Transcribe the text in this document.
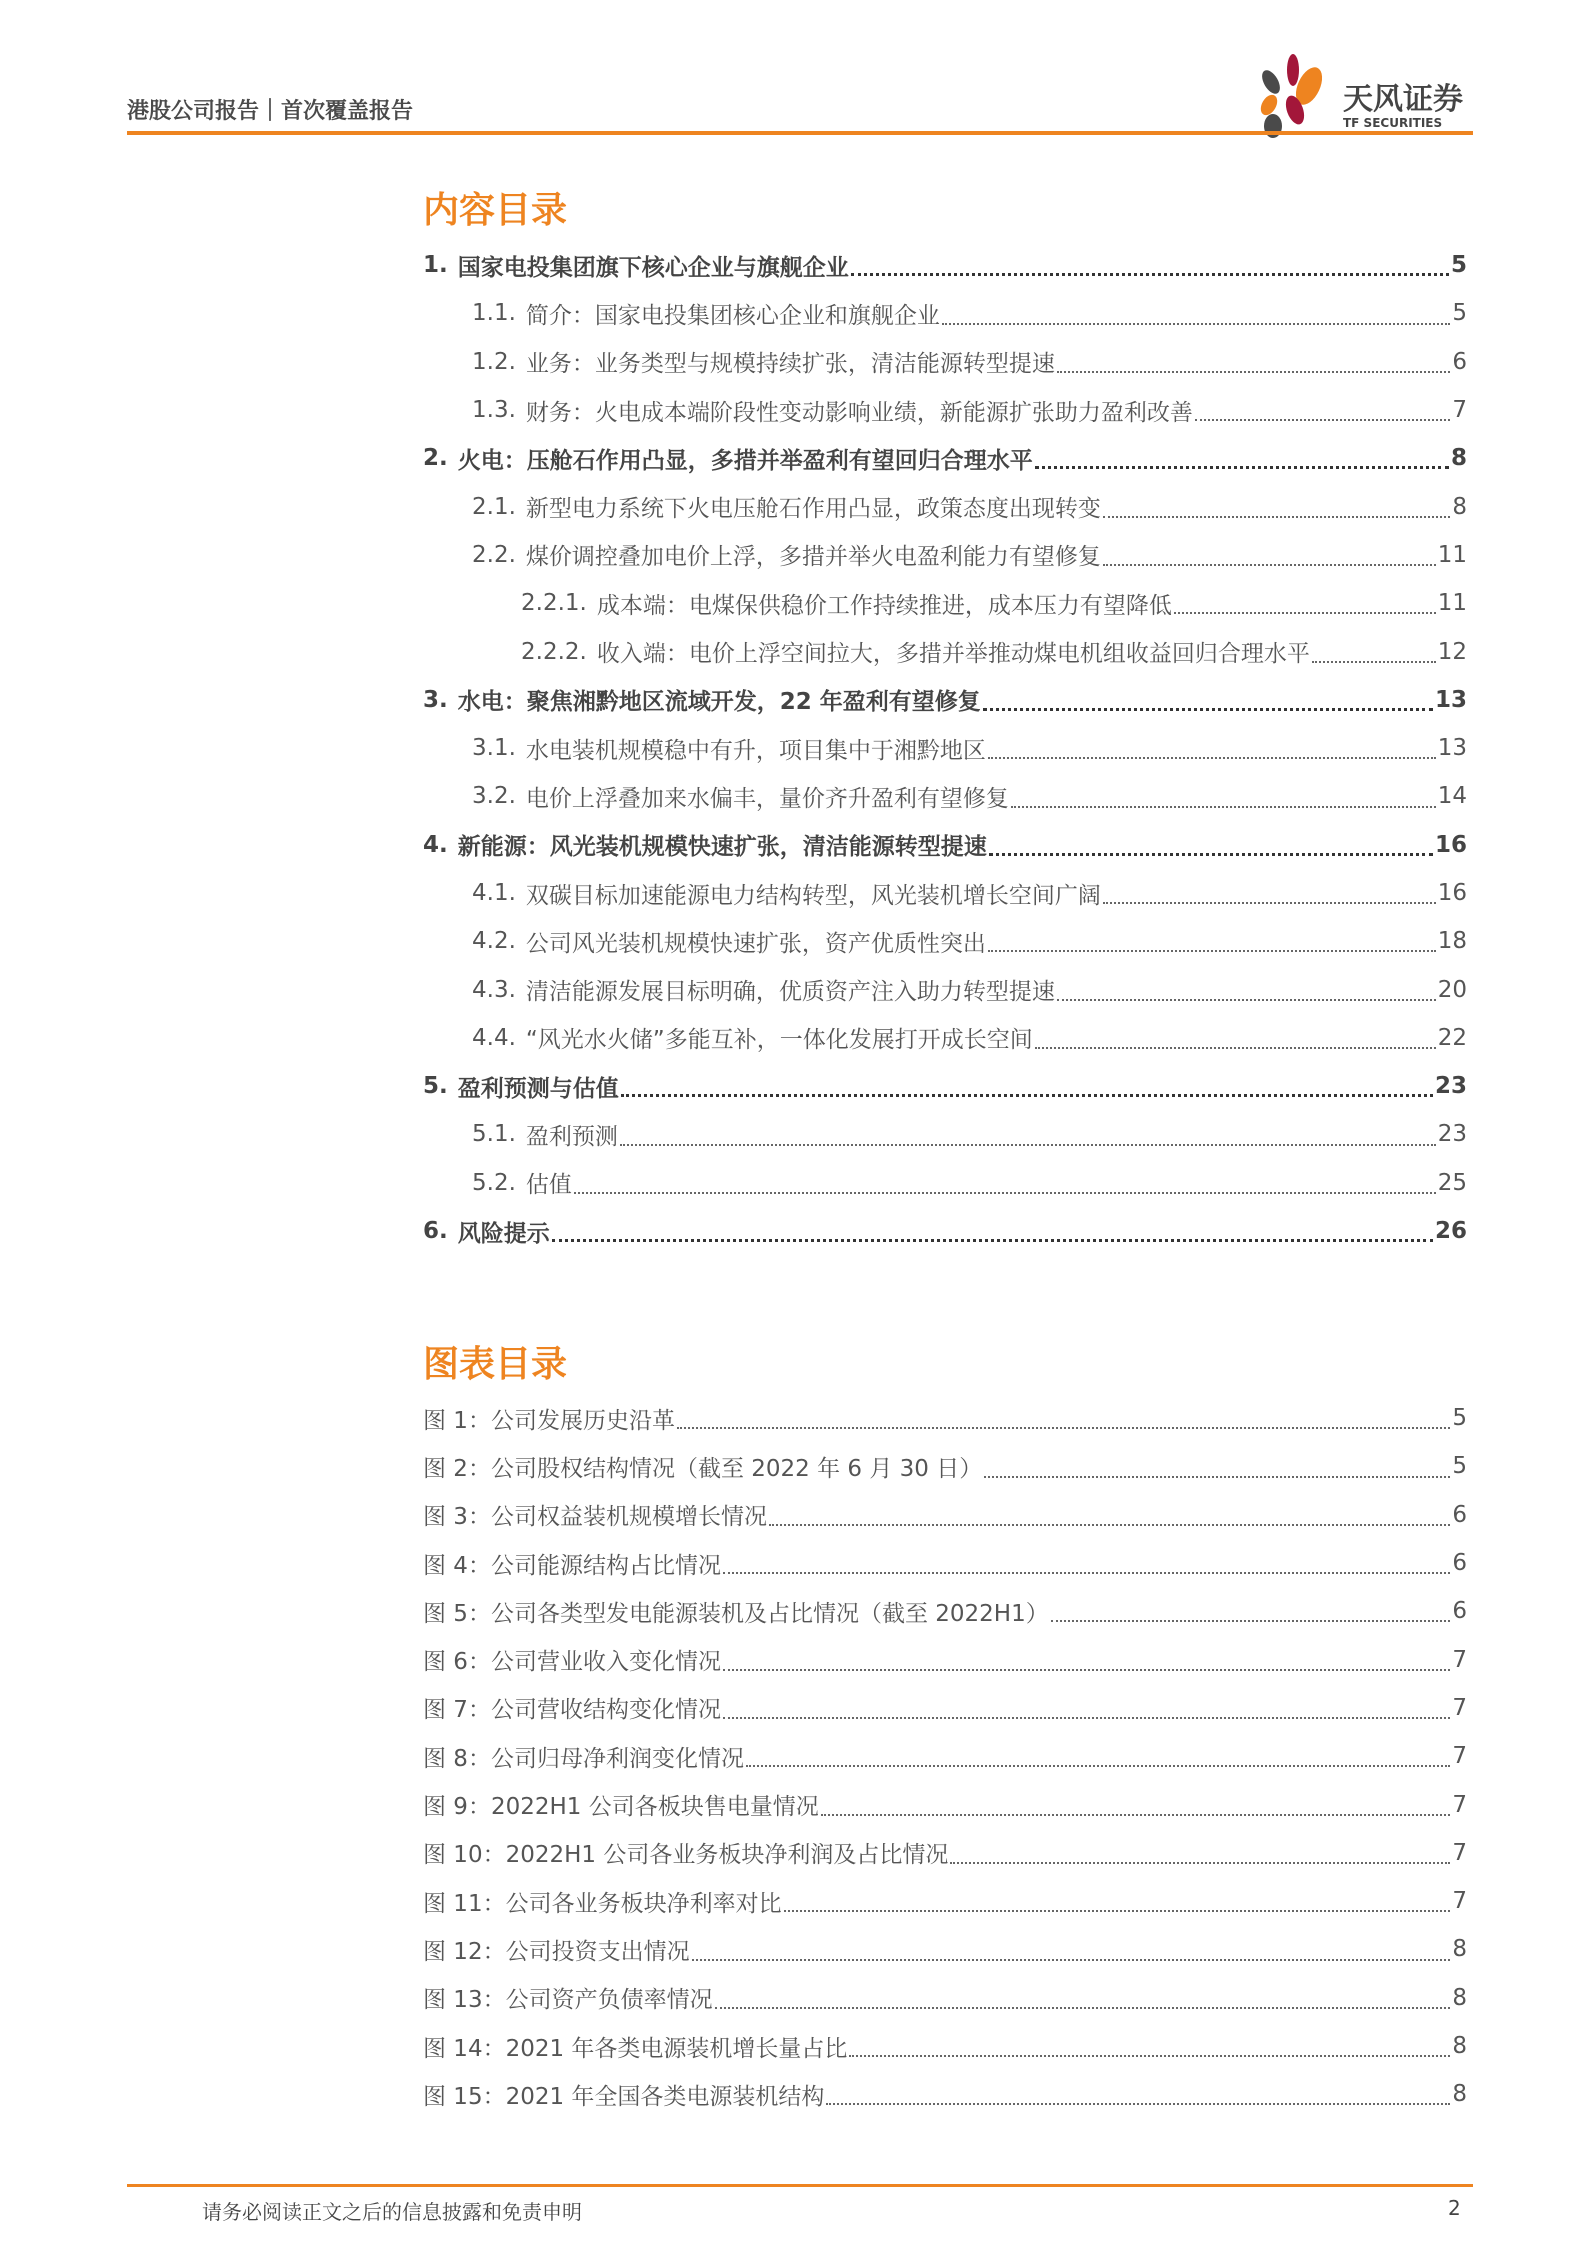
港股公司报告｜首次覆盖报告	天风证券
TF SECURITIES
内容目录
1. 国家电投集团旗下核心企业与旗舰企业	5
1.1. 简介：国家电投集团核心企业和旗舰企业	5
1.2. 业务：业务类型与规模持续扩张，清洁能源转型提速	6
1.3. 财务：火电成本端阶段性变动影响业绩，新能源扩张助力盈利改善	7
2. 火电：压舱石作用凸显，多措并举盈利有望回归合理水平	8
2.1. 新型电力系统下火电压舱石作用凸显，政策态度出现转变	8
2.2. 煤价调控叠加电价上浮，多措并举火电盈利能力有望修复	11
2.2.1. 成本端：电煤保供稳价工作持续推进，成本压力有望降低	11
2.2.2. 收入端：电价上浮空间拉大，多措并举推动煤电机组收益回归合理水平	12
3. 水电：聚焦湘黔地区流域开发，22 年盈利有望修复	13
3.1. 水电装机规模稳中有升，项目集中于湘黔地区	13
3.2. 电价上浮叠加来水偏丰，量价齐升盈利有望修复	14
4. 新能源：风光装机规模快速扩张，清洁能源转型提速	16
4.1. 双碳目标加速能源电力结构转型，风光装机增长空间广阔	16
4.2. 公司风光装机规模快速扩张，资产优质性突出	18
4.3. 清洁能源发展目标明确，优质资产注入助力转型提速	20
4.4. “风光水火储”多能互补，一体化发展打开成长空间	22
5. 盈利预测与估值	23
5.1. 盈利预测	23
5.2. 估值	25
6. 风险提示	26
图表目录
图 1：公司发展历史沿革	5
图 2：公司股权结构情况（截至 2022 年 6 月 30 日）	5
图 3：公司权益装机规模增长情况	6
图 4：公司能源结构占比情况	6
图 5：公司各类型发电能源装机及占比情况（截至 2022H1）	6
图 6：公司营业收入变化情况	7
图 7：公司营收结构变化情况	7
图 8：公司归母净利润变化情况	7
图 9：2022H1 公司各板块售电量情况	7
图 10：2022H1 公司各业务板块净利润及占比情况	7
图 11：公司各业务板块净利率对比	7
图 12：公司投资支出情况	8
图 13：公司资产负债率情况	8
图 14：2021 年各类电源装机增长量占比	8
图 15：2021 年全国各类电源装机结构	8
请务必阅读正文之后的信息披露和免责申明	2
